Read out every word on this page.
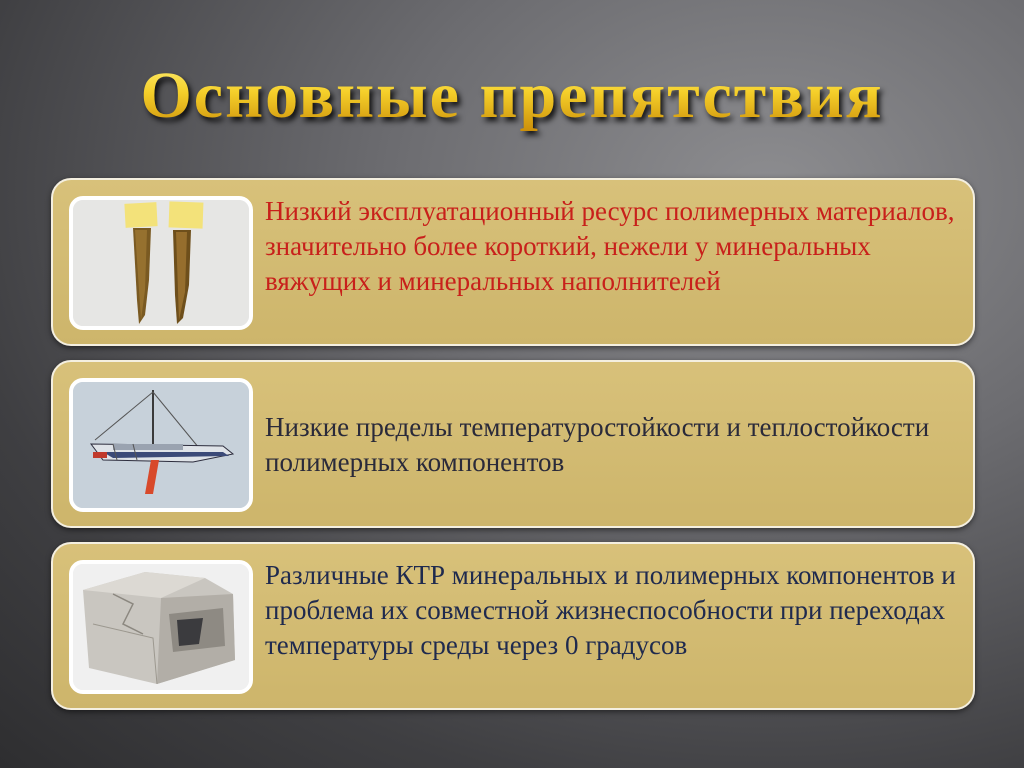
Основные препятствия
Низкий эксплуатационный ресурс полимерных материалов, значительно более короткий, нежели у минеральных вяжущих и минеральных наполнителей
Низкие пределы температуростойкости и теплостойкости полимерных компонентов
Различные КТР минеральных и полимерных компонентов и проблема их совместной жизнеспособности при переходах температуры среды через 0 градусов
